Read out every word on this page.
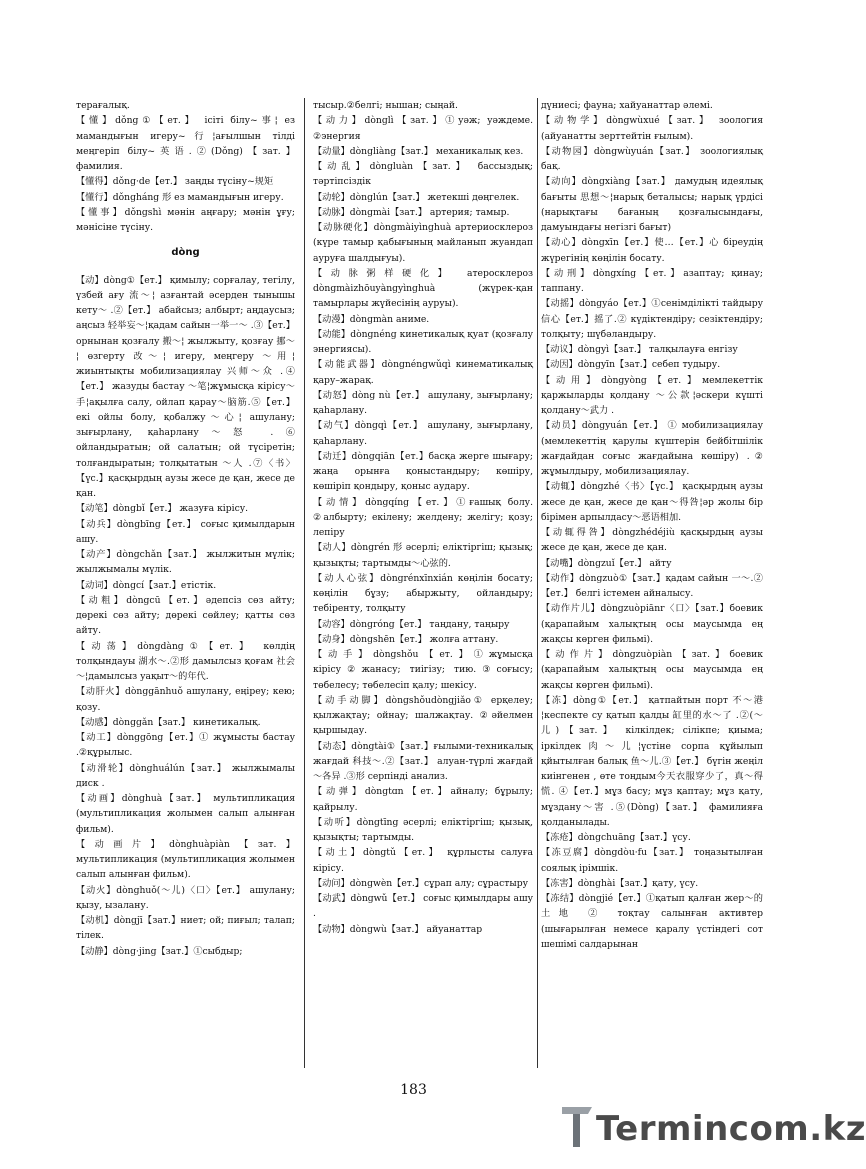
терағалық.

【懂】dǒng①【ет.】 ісіті білу~事¦ ез мамандығын игеру~行¦ағылшын тілді меңгеріп білу~英语.②(Dǒng)【зат.】 фамилия.

【懂得】dǒng·de【ет.】 заңды түсіну~规矩

【懂行】dǒngháng 形 ез мамандығын игеру.

【懂事】dǒngshì мәнін аңғару; мәнін ұғу; мәнісіне түсіну.

dòng

【动】dòng①【ет.】 қимылу; сорғалау, тегілу, үзбей ағу 流～¦ азғантай әсерден тынышы кету～ .②【ет.】 абайсыз; албырт; аңдаусыз; аңсыз 轻举妄～¦қадам сайын一举一～ .③【ет.】 орнынан қозғалу 搬～¦ жылжыту, қозғау 挪～¦ өзгерту 改～¦ игеру, меңгеру ～用¦ жиынтықты мобилизациялау 兴师～众 .④【ет.】 жазуды бастау ～笔¦жұмысқа кірісу～手¦ақылға салу, ойлап қарау～脑筋.⑤【ет.】екі ойлы болу, қобалжу～心¦ ашулану; зығырлану, қаһарлану～怒 .⑥ ойландыратын; ой салатын; ой түсіретін; толғандыратын; толқытатын ～人 .⑦〈书〉【үс.】қасқырдың аузы жесе де қан, жесе де қан.

【动笔】dòngbǐ【ет.】 жазуға кірісу.

【动兵】dòngbīng【ет.】 соғыс қимылдарын ашу.

【动产】dòngchǎn【зат.】 жылжитын мүлік; жылжымалы мүлік.

【动词】dòngcí【зат.】етістік.

【动粗】dòngcū【ет.】әдепсіз сөз айту; дөрекі сөз айту; дөрекі сөйлеу; қатты сөз айту.

【动荡】dòngdàng①【ет.】 көлдің толқындауы 湖水～.②形 дамылсыз қоғам 社会～¦дамылсыз уақыт～的年代.

【动肝火】dònggānhuǒ ашулану, еңіреу; кею; қозу.

【动感】dònggǎn【зат.】 кинетикалық.

【动工】dònggōng【ет.】① жұмысты бастау .②құрылыс.

【动滑轮】dònghuálún【зат.】 жылжымалы диск .

【动画】dònghuà【зат.】 мультипликация (мультипликация жолымен салып алынған фильм).

【动画片】dònghuàpiàn【зат.】 мультипликация (мультипликация жолымен салып алынған фильм).

【动火】dònghuǒ(～儿)〈口〉【ет.】 ашулану; қызу, ызалану.

【动机】dòngjī【зат.】ниет; ой; пиғыл; талап; тілек.

【动静】dòng·jing【зат.】①сыбдыр;

тысыр.②белгі; нышан; сыңай.

【动力】dònglì【зат.】①уәж; уәждеме. ②энергия

【动量】dòngliàng【зат.】 механикалық кез.

【动乱】dòngluàn【зат.】 бассыздық; тәртіпсіздік

【动轮】dònglún【зат.】 жетекші дөңгелек.

【动脉】dòngmài【зат.】 артерия; тамыр.

【动脉硬化】dòngmàiyìnghuà артериосклероз (күре тамыр қабығының майланып жуандап ауруға шалдығуы).

【动脉粥样硬化】 атеросклероз dòngmàizhōuyàngyìnghuà (жүрек-қан тамырлары жүйесінің ауруы).

【动漫】dòngmàn аниме.

【动能】dòngnéng кинетикалық қуат (қозғалу энергиясы).

【动能武器】dòngnéngwǔqì кинематикалық қару–жарақ.

【动怒】dòng nù【ет.】 ашулану, зығырлану; қаһарлану.

【动气】dòngqì【ет.】 ашулану, зығырлану, қаһарлану.

【动迁】dòngqiān【ет.】басқа жерге шығару; жаңа орынға қоныстандыру; көшіру, көшіріп қондыру, қоныс аудару.

【动情】dòngqíng【ет.】①ғашық болу. ②албырту; екілену; желдену; желігу; қозу; лепіру

【动人】dòngrén 形 әсерлі; еліктіргіш; қызық; қызықты; тартымды～心弦的.

【动人心弦】dòngrénxīnxián көңілін босату; көңілін бұзу; абыржыту, ойландыру; тебіренту, толқыту

【动容】dòngróng【ет.】 таңдану, таңыру

【动身】dòngshēn【ет.】 жолға аттану.

【动手】dòngshǒu【ет.】①жұмысқа кірісу②жанасу; тиігізу; тию.③соғысу; төбелесу; төбелесіп қалу; шекісу.

【动手动脚】dòngshǒudòngjiǎo① ерқелеу; қылжақтау; ойнау; шалжақтау. ②әйелмен қыршыдау.

【动态】dòngtài①【зат.】ғылыми-техникалық жағдай 科技～.②【зат.】 алуан-түрлі жағдай ～各异 .③形 серпінді анализ.

【动弹】dòngtɑn【ет.】айналу; бұрылу; қайрылу.

【动听】dòngtīng әсерлі; еліктіргіш; қызық, қызықты; тартымды.

【动土】dòngtǔ【ет.】 құрлысты салуға кірісу.

【动问】dòngwèn【ет.】сұрап алу; сұрастыру

【动武】dòngwǔ【ет.】 соғыс қимылдары ашу .

【动物】dòngwù【зат.】 айуанаттар

дүниесі; фауна; хайуанаттар әлемі.

【动物学】dòngwùxué【зат.】 зоология (айуанатты зерттейтін ғылым).

【动物园】dòngwùyuán【зат.】 зоологиялық бақ.

【动向】dòngxiàng【зат.】 дамудың идеялық бағыты 思想～¦нарық беталысы; нарық үрдісі (нарықтағы бағаның қозғалысындағы, дамуындағы негізгі бағыт)

【动心】dòngxīn【ет.】使…【ет.】心 біреудің жүрегінің көңілін босату.

【动刑】dòngxíng【ет.】азаптау; қинау; таппану.

【动摇】dòngyáo【ет.】①сенімділікті тайдыру 信心【ет.】摇了.② күдіктендіру; сезіктендіру; толқыту; шүбәландыру.

【动议】dòngyì【зат.】 талқылауға енгізу

【动因】dòngyīn【зат.】себеп тудыру.

【动用】dòngyòng【ет.】мемлекеттік қаржыларды қолдану ～公款¦әскери күшті қолдану～武力 .

【动员】dòngyuán【ет.】 ① мобилизациялау (мемлекеттің қарулы күштерін бейбітшілік жағдайдан соғыс жағдайына көшіру) .② жұмылдыру, мобилизациялау.

【动辄】dòngzhé〈书〉【үс.】 қасқырдың аузы жесе де қан, жесе де қан～得咎¦әр жолы бір бірімен арпылдасу～恶语相加.

【动辄得咎】dòngzhédéjiù қасқырдың аузы жесе де қан, жесе де қан.

【动嘴】dòngzuǐ【ет.】 айту

【动作】dòngzuò①【зат.】қадам сайын 一～.②【ет.】 белгі істемен айналысу.

【动作片儿】dòngzuòpiānr〈口〉【зат.】боевик (қарапайым халықтың осы маусымда ең жақсы көрген фильмі).

【动作片】dòngzuòpiàn【зат.】боевик (қарапайым халықтың осы маусымда ең жақсы көрген фильмі).

【冻】dòng①【ет.】 қатпайтын порт 不～港¦кеспекте су қатып қалды 缸里的水～了 .②(～儿)【зат.】 кілкілдек; сілікпе; қиыма; іркілдек肉～儿¦үстіне сорпа құйылып қйытылған балық 鱼～儿.③【ет.】 бүгін жеңіл киінгенен , өте тоңдым今天衣服穿少了，真～得慌. ④【ет.】мұз басу; мұз қаптау; мұз қату, мұздану～害 .⑤(Dòng)【зат.】 фамилияға қолданылады.

【冻疮】dòngchuāng【зат.】үсу.

【冻豆腐】dòngdòu·fu【зат.】 тоңазытылған соялық ірімшік.

【冻害】dònghài【зат.】қату, үсу.

【冻结】dòngjié【ет.】①қатып қалған жер～的土地 ② тоқтау салынған активтер (шығарылған немесе қаралу үстіндегі сот шешімі салдарынан

183
Termincom.kz
